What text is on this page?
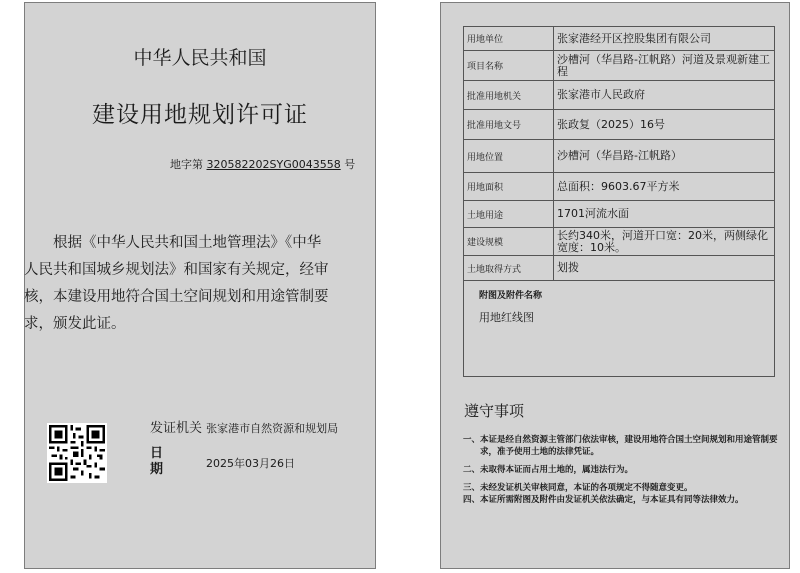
中华人民共和国
建设用地规划许可证
地字第 320582202SYG0043558 号
根据《中华人民共和国土地管理法》《中华人民共和国城乡规划法》和国家有关规定，经审核，本建设用地符合国土空间规划和用途管制要求，颁发此证。
发证机关 张家港市自然资源和规划局
日期	2025年03月26日
用地单位	张家港经开区控股集团有限公司
项目名称	沙槽河（华昌路-江帆路）河道及景观新建工程
批准用地机关	张家港市人民政府
批准用地文号	张政复（2025）16号
用地位置	沙槽河（华昌路-江帆路）
用地面积	总面积：9603.67平方米
土地用途	1701河流水面
建设规模	长约340米，河道开口宽：20米，两侧绿化宽度：10米。
土地取得方式	划拨

附图及附件名称
用地红线图	
遵守事项
一、本证是经自然资源主管部门依法审核，建设用地符合国土空间规划和用途管制要求，准予使用土地的法律凭证。
二、未取得本证而占用土地的，属违法行为。
三、未经发证机关审核同意，本证的各项规定不得随意变更。
四、本证所需附图及附件由发证机关依法确定，与本证具有同等法律效力。
